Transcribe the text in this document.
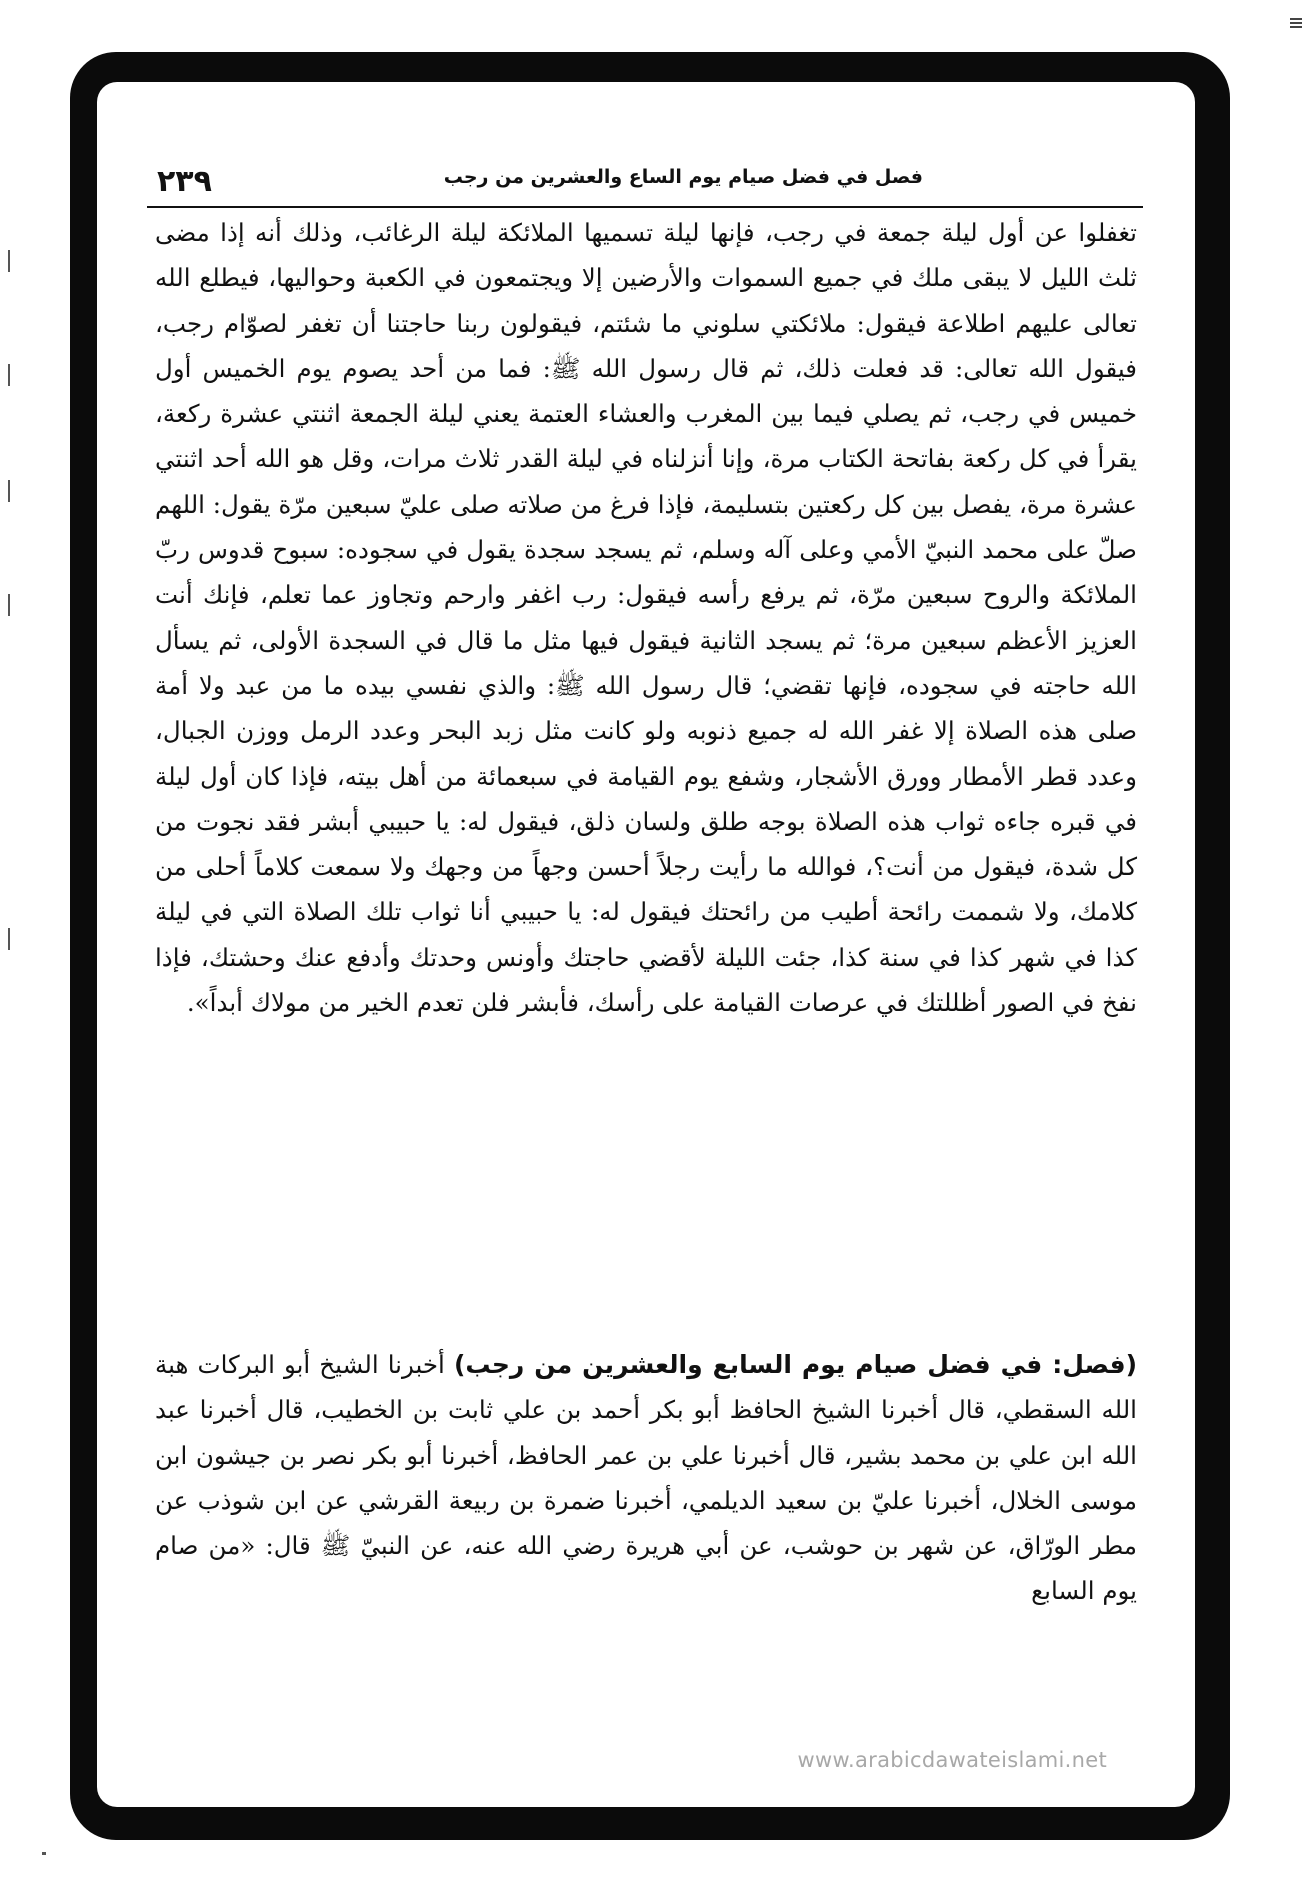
فصل في فضل صيام يوم الساع والعشرين من رجب
٢٣٩

تغفلوا عن أول ليلة جمعة في رجب، فإنها ليلة تسميها الملائكة ليلة الرغائب، وذلك أنه إذا مضى ثلث الليل لا يبقى ملك في جميع السموات والأرضين إلا ويجتمعون في الكعبة وحواليها، فيطلع الله تعالى عليهم اطلاعة فيقول: ملائكتي سلوني ما شئتم، فيقولون ربنا حاجتنا أن تغفر لصوّام رجب، فيقول الله تعالى: قد فعلت ذلك، ثم قال رسول الله ﷺ: فما من أحد يصوم يوم الخميس أول خميس في رجب، ثم يصلي فيما بين المغرب والعشاء العتمة يعني ليلة الجمعة اثنتي عشرة ركعة، يقرأ في كل ركعة بفاتحة الكتاب مرة، وإنا أنزلناه في ليلة القدر ثلاث مرات، وقل هو الله أحد اثنتي عشرة مرة، يفصل بين كل ركعتين بتسليمة، فإذا فرغ من صلاته صلى عليّ سبعين مرّة يقول: اللهم صلّ على محمد النبيّ الأمي وعلى آله وسلم، ثم يسجد سجدة يقول في سجوده: سبوح قدوس ربّ الملائكة والروح سبعين مرّة، ثم يرفع رأسه فيقول: رب اغفر وارحم وتجاوز عما تعلم، فإنك أنت العزيز الأعظم سبعين مرة؛ ثم يسجد الثانية فيقول فيها مثل ما قال في السجدة الأولى، ثم يسأل الله حاجته في سجوده، فإنها تقضي؛ قال رسول الله ﷺ: والذي نفسي بيده ما من عبد ولا أمة صلى هذه الصلاة إلا غفر الله له جميع ذنوبه ولو كانت مثل زبد البحر وعدد الرمل ووزن الجبال، وعدد قطر الأمطار وورق الأشجار، وشفع يوم القيامة في سبعمائة من أهل بيته، فإذا كان أول ليلة في قبره جاءه ثواب هذه الصلاة بوجه طلق ولسان ذلق، فيقول له: يا حبيبي أبشر فقد نجوت من كل شدة، فيقول من أنت؟، فوالله ما رأيت رجلاً أحسن وجهاً من وجهك ولا سمعت كلاماً أحلى من كلامك، ولا شممت رائحة أطيب من رائحتك فيقول له: يا حبيبي أنا ثواب تلك الصلاة التي في ليلة كذا في شهر كذا في سنة كذا، جئت الليلة لأقضي حاجتك وأونس وحدتك وأدفع عنك وحشتك، فإذا نفخ في الصور أظللتك في عرصات القيامة على رأسك، فأبشر فلن تعدم الخير من مولاك أبداً».

(فصل: في فضل صيام يوم السابع والعشرين من رجب) أخبرنا الشيخ أبو البركات هبة الله السقطي، قال أخبرنا الشيخ الحافظ أبو بكر أحمد بن علي ثابت بن الخطيب، قال أخبرنا عبد الله ابن علي بن محمد بشير، قال أخبرنا علي بن عمر الحافظ، أخبرنا أبو بكر نصر بن جيشون ابن موسى الخلال، أخبرنا عليّ بن سعيد الديلمي، أخبرنا ضمرة بن ربيعة القرشي عن ابن شوذب عن مطر الورّاق، عن شهر بن حوشب، عن أبي هريرة رضي الله عنه، عن النبيّ ﷺ قال: «من صام يوم السابع

www.arabicdawateislami.net
